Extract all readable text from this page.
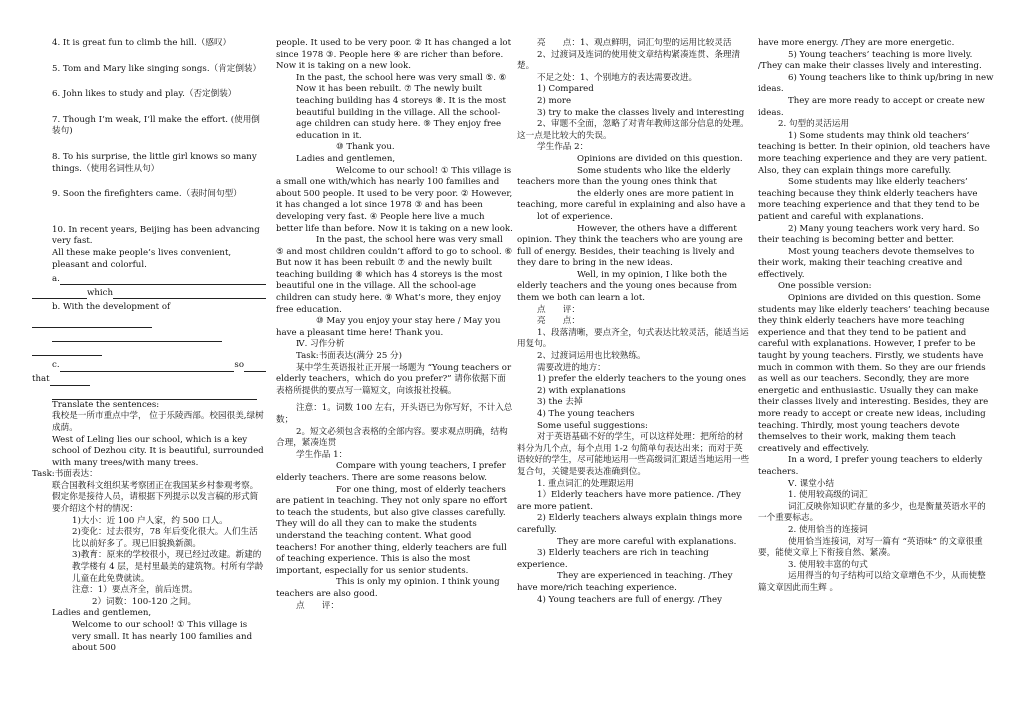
4. It is great fun to climb the hill.（感叹）

5. Tom and Mary like singing songs.（肯定倒装）

6. John likes to study and play.（否定倒装）

7. Though I’m weak, I’ll make the effort. (使用倒装句)

8. To his surprise, the little girl knows so many things.（使用名词性从句）

9. Soon the firefighters came.（表时间句型）

10. In recent years, Beijing has been advancing very fast.

All these make people’s lives convenient, pleasant and colorful.

a.
which

b. With the development of

c.	so
that

Translate the sentences:

我校是一所市重点中学， 位于乐陵西部。校园很美,绿树成荫。

West of Leling lies our school, which is a key school of Dezhou city. It is beautiful, surrounded with many trees/with many trees.

Task:书面表达：

联合国教科文组织某考察团正在我国某乡村参观考察。假定你是接待人员，请根据下列提示以发言稿的形式简要介绍这个村的情况：

1)大小：近 100 户人家，约 500 口人。

2)变化：过去很穷，78 年后变化很大。人们生活比以前好多了。现已旧貌换新颜。

3)教育：原来的学校很小，现已经过改建。新建的教学楼有 4 层，是村里最美的建筑物。村所有学龄儿童在此免费就读。

注意：1）要点齐全，前后连贯。

2）词数：100-120 之间。

Ladies and gentlemen,

Welcome to our school! ① This village is very small. It has nearly 100 families and about 500

people. It used to be very poor. ② It has changed a lot since 1978 ③. People here ④ are richer than before. Now it is taking on a new look.

In the past, the school here was very small ⑤. ⑥ Now it has been rebuilt. ⑦ The newly built teaching building has 4 storeys ⑧. It is the most beautiful building in the village. All the school-age children can study here. ⑨ They enjoy free education in it.

⑩ Thank you.

Ladies and gentlemen,

Welcome to our school! ① This village is a small one with/which has nearly 100 families and about 500 people. It used to be very poor. ② However, it has changed a lot since 1978 ③ and has been developing very fast. ④ People here live a much better life than before. Now it is taking on a new look.

In the past, the school here was very small ⑤ and most children couldn’t afford to go to school. ⑥ But now it has been rebuilt ⑦ and the newly built teaching building ⑧ which has 4 storeys is the most beautiful one in the village. All the school-age children can study here. ⑨ What’s more, they enjoy free education.

⑩ May you enjoy your stay here / May you have a pleasant time here! Thank you.

Ⅳ. 习作分析

Task:书面表达(满分 25 分)

某中学生英语报社正开展一场题为 “Young teachers or elderly teachers，which do you prefer?” 请你依据下面表格所提供的要点写一篇短文，向该报社投稿。

注意：1。词数 100 左右，开头语已为你写好，不计入总数；

2。短文必须包含表格的全部内容。要求观点明确，结构合理，紧凑连贯

学生作品 1：

Compare with young teachers, I prefer elderly teachers. There are some reasons below.

For one thing, most of elderly teachers are patient in teaching. They not only spare no effort to teach the students, but also give classes carefully. They will do all they can to make the students understand the teaching content. What good teachers! For another thing, elderly teachers are full of teaching experience. This is also the most important, especially for us senior students.

This is only my opinion. I think young teachers are also good.

点　　评：

亮　　点：1、观点鲜明，词汇句型的运用比较灵活

2、过渡词及连词的使用使文章结构紧凑连贯、条理清楚。

不足之处：1、个别地方的表达需要改进。

1) Compared

2) more

3) try to make the classes lively and interesting

2、审题不全面，忽略了对青年教师这部分信息的处理。这一点是比较大的失误。

学生作品 2：

Opinions are divided on this question.

Some students who like the elderly teachers more than the young ones think that

the elderly ones are more patient in teaching, more careful in explaining and also have a

lot of experience.

However, the others have a different opinion. They think the teachers who are young are full of energy. Besides, their teaching is lively and they dare to bring in the new ideas.

Well, in my opinion, I like both the elderly teachers and the young ones because from them we both can learn a lot.

点　　评：

亮　　点：

1、段落清晰，要点齐全，句式表达比较灵活，能适当运用复句。

2、过渡词运用也比较熟练。

需要改进的地方：

1) prefer the elderly teachers to the young ones

2) with explanations

3) the 去掉

4) The young teachers

Some useful suggestions:

对于英语基础不好的学生，可以这样处理：把所给的材料分为几个点，每个点用 1-2 句简单句表达出来；而对于英语较好的学生，尽可能地运用一些高级词汇跟适当地运用一些复合句，关键是要表达准确到位。

1. 重点词汇的处理跟运用

1）Elderly teachers have more patience. /They are more patient.

2) Elderly teachers always explain things more carefully.

They are more careful with explanations.

3) Elderly teachers are rich in teaching experience.

They are experienced in teaching. /They have more/rich teaching experience.

4) Young teachers are full of energy. /They

have more energy. /They are more energetic.

5) Young teachers’ teaching is more lively. /They can make their classes lively and interesting.

6) Young teachers like to think up/bring in new ideas.

They are more ready to accept or create new ideas.

2. 句型的灵活运用

1) Some students may think old teachers’ teaching is better. In their opinion, old teachers have more teaching experience and they are very patient. Also, they can explain things more carefully.

Some students may like elderly teachers’ teaching because they think elderly teachers have more teaching experience and that they tend to be patient and careful with explanations.

2) Many young teachers work very hard. So their teaching is becoming better and better.

Most young teachers devote themselves to their work, making their teaching creative and effectively.

One possible version:

Opinions are divided on this question. Some students may like elderly teachers’ teaching because they think elderly teachers have more teaching experience and that they tend to be patient and careful with explanations. However, I prefer to be taught by young teachers. Firstly, we students have much in common with them. So they are our friends as well as our teachers. Secondly, they are more energetic and enthusiastic. Usually they can make their classes lively and interesting. Besides, they are more ready to accept or create new ideas, including teaching. Thirdly, most young teachers devote themselves to their work, making them teach creatively and effectively.

In a word, I prefer young teachers to elderly teachers.

Ⅴ. 课堂小结

1. 使用较高级的词汇

词汇反映你知识贮存量的多少，也是衡量英语水平的一个重要标志。

2. 使用恰当的连接词

使用恰当连接词，对写一篇有 “英语味” 的文章很重要，能使文章上下衔接自然、紧凑。

3. 使用较丰富的句式

运用得当的句子结构可以给文章增色不少，从而使整篇文章因此而生辉 。
